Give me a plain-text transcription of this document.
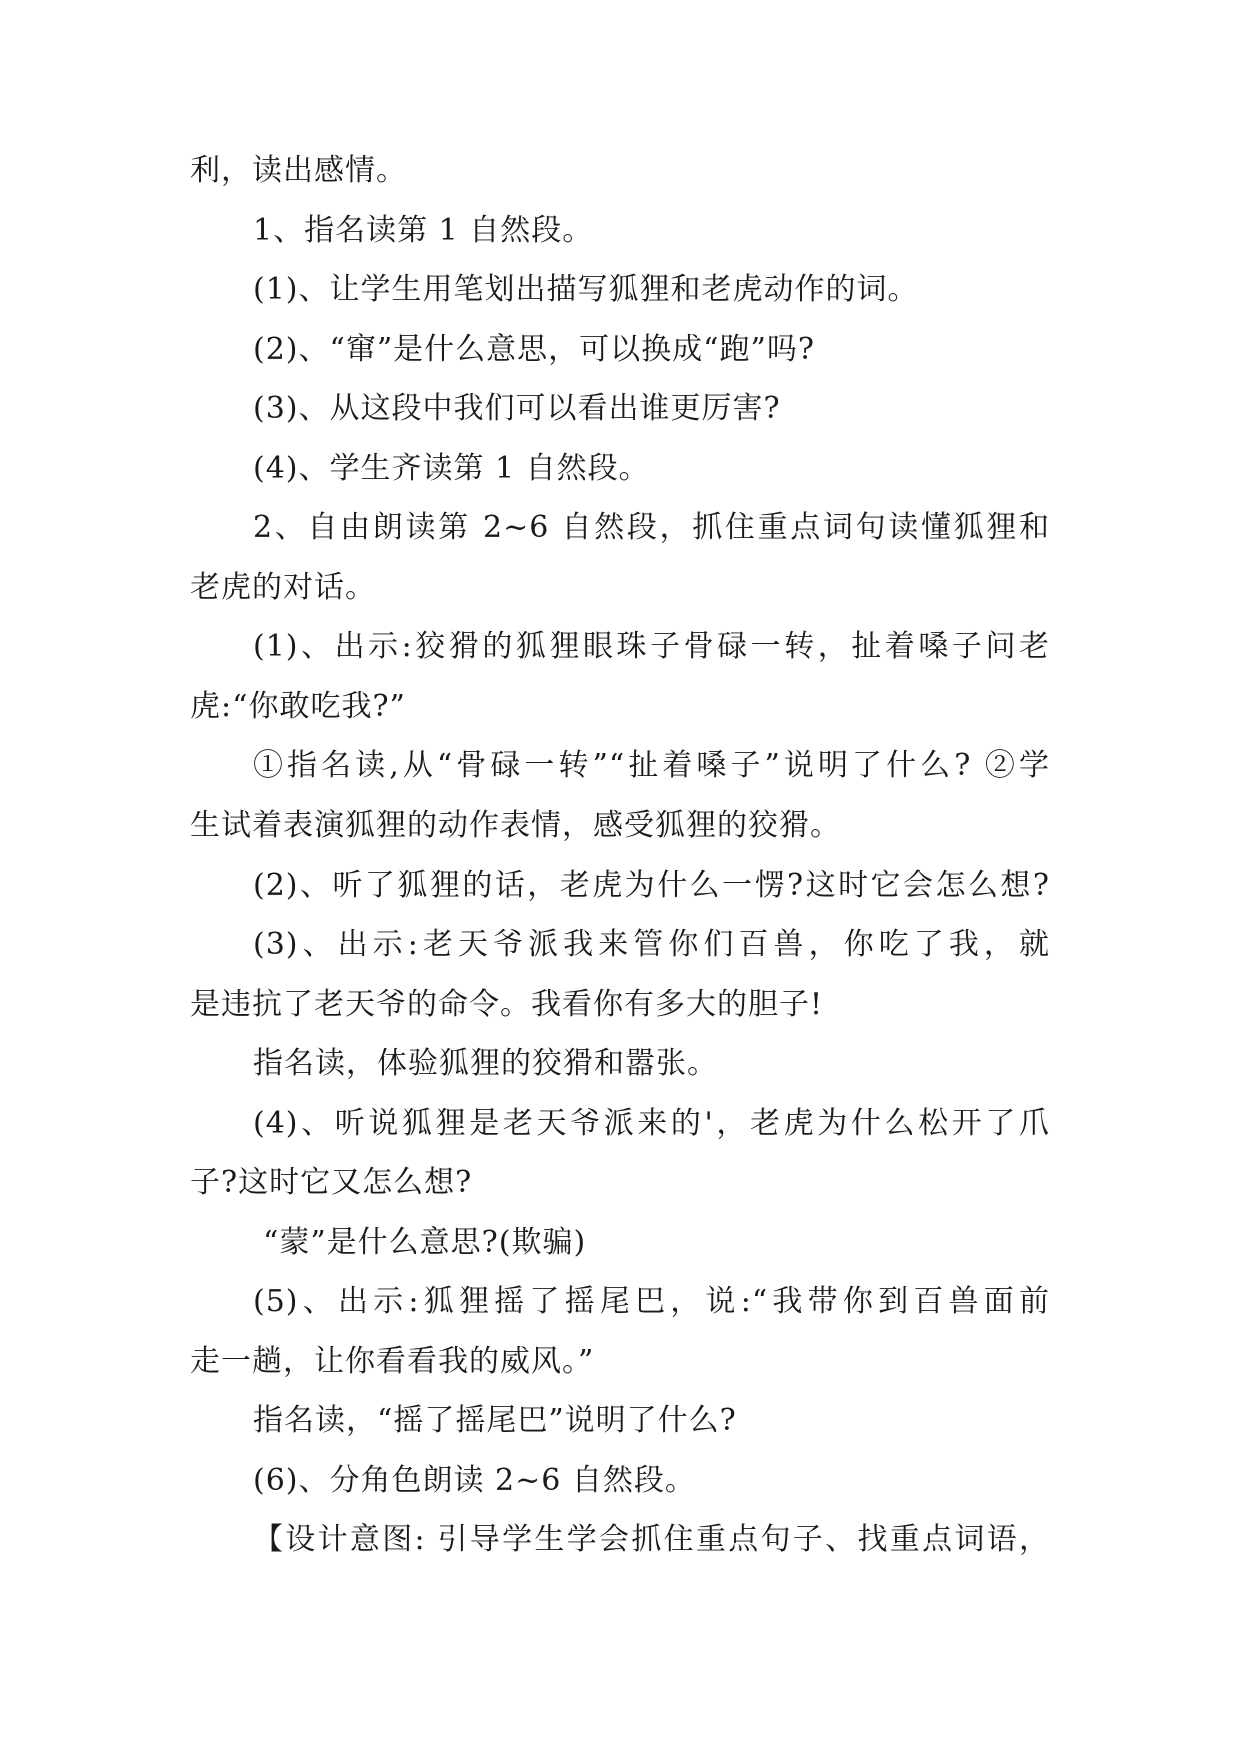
利，读出感情。
1、指名读第 1 自然段。
(1)、让学生用笔划出描写狐狸和老虎动作的词。
(2)、“窜”是什么意思，可以换成“跑”吗?
(3)、从这段中我们可以看出谁更厉害?
(4)、学生齐读第 1 自然段。
2、自由朗读第 2~6 自然段，抓住重点词句读懂狐狸和
老虎的对话。
(1)、出示:狡猾的狐狸眼珠子骨碌一转，扯着嗓子问老
虎:“你敢吃我?”
①指名读,从“骨碌一转”“扯着嗓子”说明了什么? ②学
生试着表演狐狸的动作表情，感受狐狸的狡猾。
(2)、听了狐狸的话，老虎为什么一愣?这时它会怎么想?
(3)、出示:老天爷派我来管你们百兽，你吃了我，就
是违抗了老天爷的命令。我看你有多大的胆子!
指名读，体验狐狸的狡猾和嚣张。
(4)、听说狐狸是老天爷派来的'，老虎为什么松开了爪
子?这时它又怎么想?
“蒙”是什么意思?(欺骗)
(5)、出示:狐狸摇了摇尾巴，说:“我带你到百兽面前
走一趟，让你看看我的威风。”
指名读，“摇了摇尾巴”说明了什么?
(6)、分角色朗读 2~6 自然段。
【设计意图: 引导学生学会抓住重点句子、找重点词语，
